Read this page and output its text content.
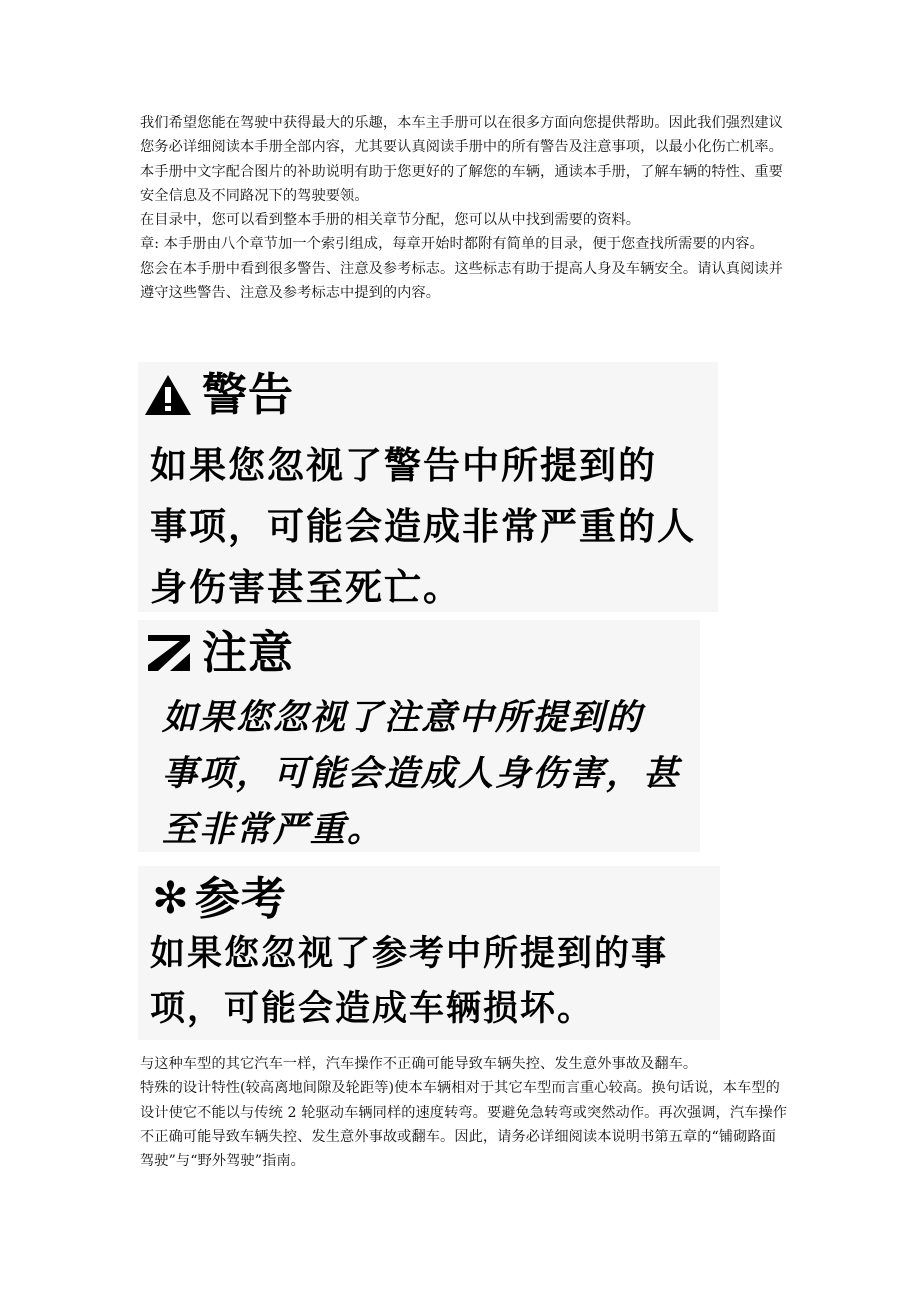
我们希望您能在驾驶中获得最大的乐趣，本车主手册可以在很多方面向您提供帮助。因此我们强烈建议您务必详细阅读本手册全部内容，尤其要认真阅读手册中的所有警告及注意事项，以最小化伤亡机率。

本手册中文字配合图片的补助说明有助于您更好的了解您的车辆，通读本手册，了解车辆的特性、重要安全信息及不同路况下的驾驶要领。

在目录中，您可以看到整本手册的相关章节分配，您可以从中找到需要的资料。

章: 本手册由八个章节加一个索引组成，每章开始时都附有简单的目录，便于您查找所需要的内容。

您会在本手册中看到很多警告、注意及参考标志。这些标志有助于提高人身及车辆安全。请认真阅读并遵守这些警告、注意及参考标志中提到的内容。

警告

如果您忽视了警告中所提到的

事项，可能会造成非常严重的人

身伤害甚至死亡。

注意

如果您忽视了注意中所提到的

事项，可能会造成人身伤害，甚

至非常严重。

✻ 参考

如果您忽视了参考中所提到的事

项，可能会造成车辆损坏。

与这种车型的其它汽车一样，汽车操作不正确可能导致车辆失控、发生意外事故及翻车。

特殊的设计特性(较高离地间隙及轮距等)使本车辆相对于其它车型而言重心较高。换句话说，本车型的设计使它不能以与传统 2 轮驱动车辆同样的速度转弯。要避免急转弯或突然动作。再次强调，汽车操作不正确可能导致车辆失控、发生意外事故或翻车。因此，请务必详细阅读本说明书第五章的“铺砌路面驾驶”与“野外驾驶”指南。
